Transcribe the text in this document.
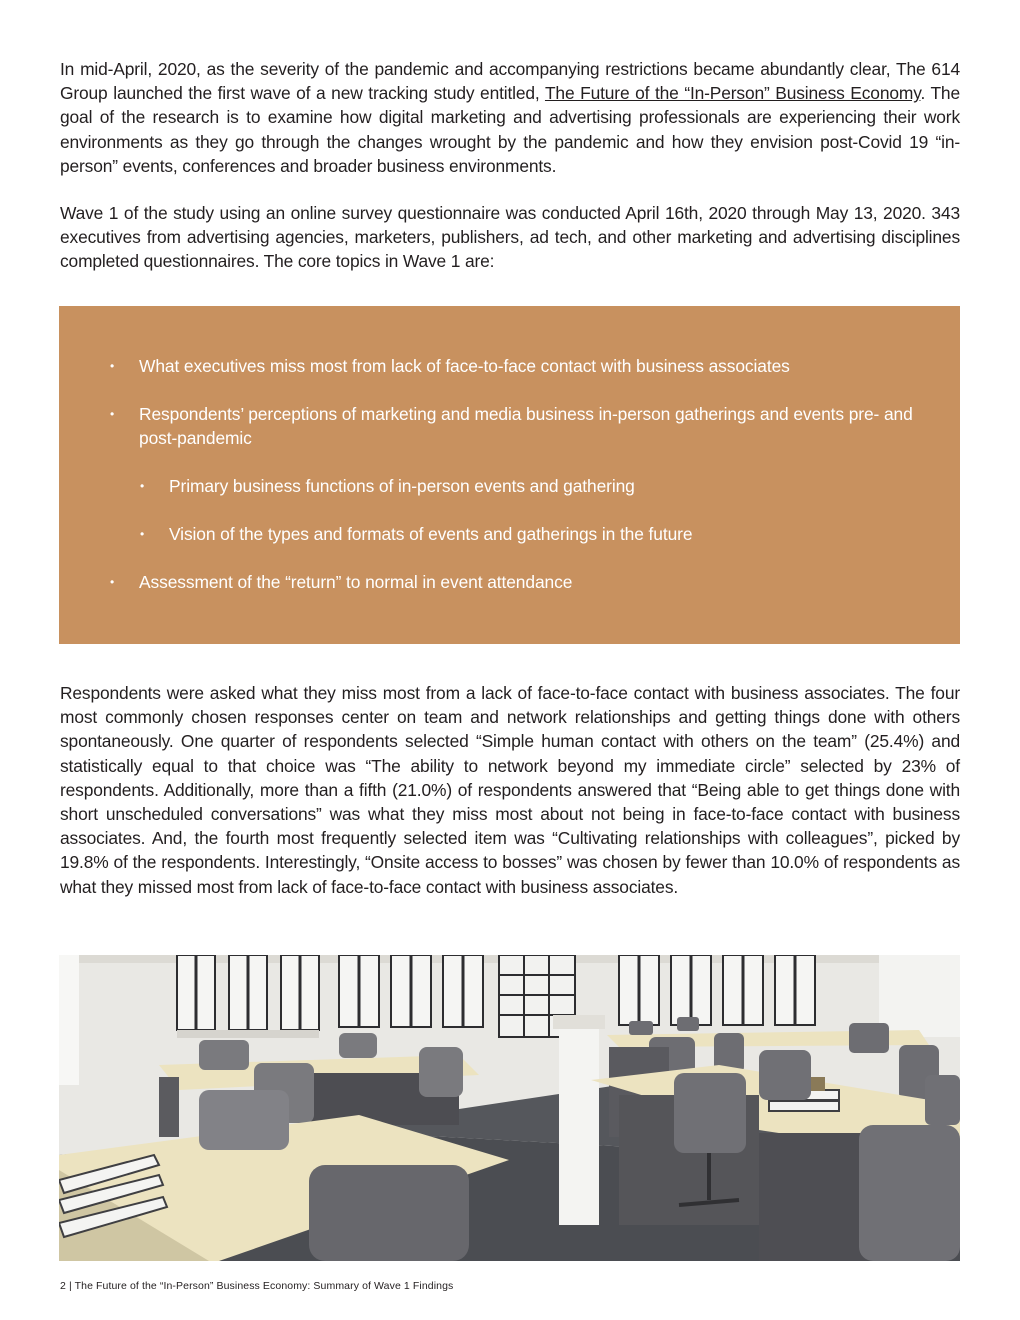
In mid-April, 2020, as the severity of the pandemic and accompanying restrictions became abundantly clear, The 614 Group launched the first wave of a new tracking study entitled, The Future of the “In-Person” Business Economy. The goal of the research is to examine how digital marketing and advertising professionals are experiencing their work environments as they go through the changes wrought by the pandemic and how they envision post-Covid 19 “in-person” events, conferences and broader business environments.

Wave 1 of the study using an online survey questionnaire was conducted April 16th, 2020 through May 13, 2020. 343 executives from advertising agencies, marketers, publishers, ad tech, and other marketing and advertising disciplines completed questionnaires. The core topics in Wave 1 are:

• What executives miss most from lack of face-to-face contact with business associates
• Respondents’ perceptions of marketing and media business in-person gatherings and events pre- and post-pandemic
• Primary business functions of in-person events and gathering
• Vision of the types and formats of events and gatherings in the future
• Assessment of the “return” to normal in event attendance

Respondents were asked what they miss most from a lack of face-to-face contact with business associates. The four most commonly chosen responses center on team and network relationships and getting things done with others spontaneously. One quarter of respondents selected “Simple human contact with others on the team” (25.4%) and statistically equal to that choice was “The ability to network beyond my immediate circle” selected by 23% of respondents. Additionally, more than a fifth (21.0%) of respondents answered that “Being able to get things done with short unscheduled conversations” was what they miss most about not being in face-to-face contact with business associates. And, the fourth most frequently selected item was “Cultivating relationships with colleagues”, picked by 19.8% of the respondents. Interestingly, “Onsite access to bosses” was chosen by fewer than 10.0% of respondents as what they missed most from lack of face-to-face contact with business associates.

2 | The Future of the “In-Person” Business Economy: Summary of Wave 1 Findings
